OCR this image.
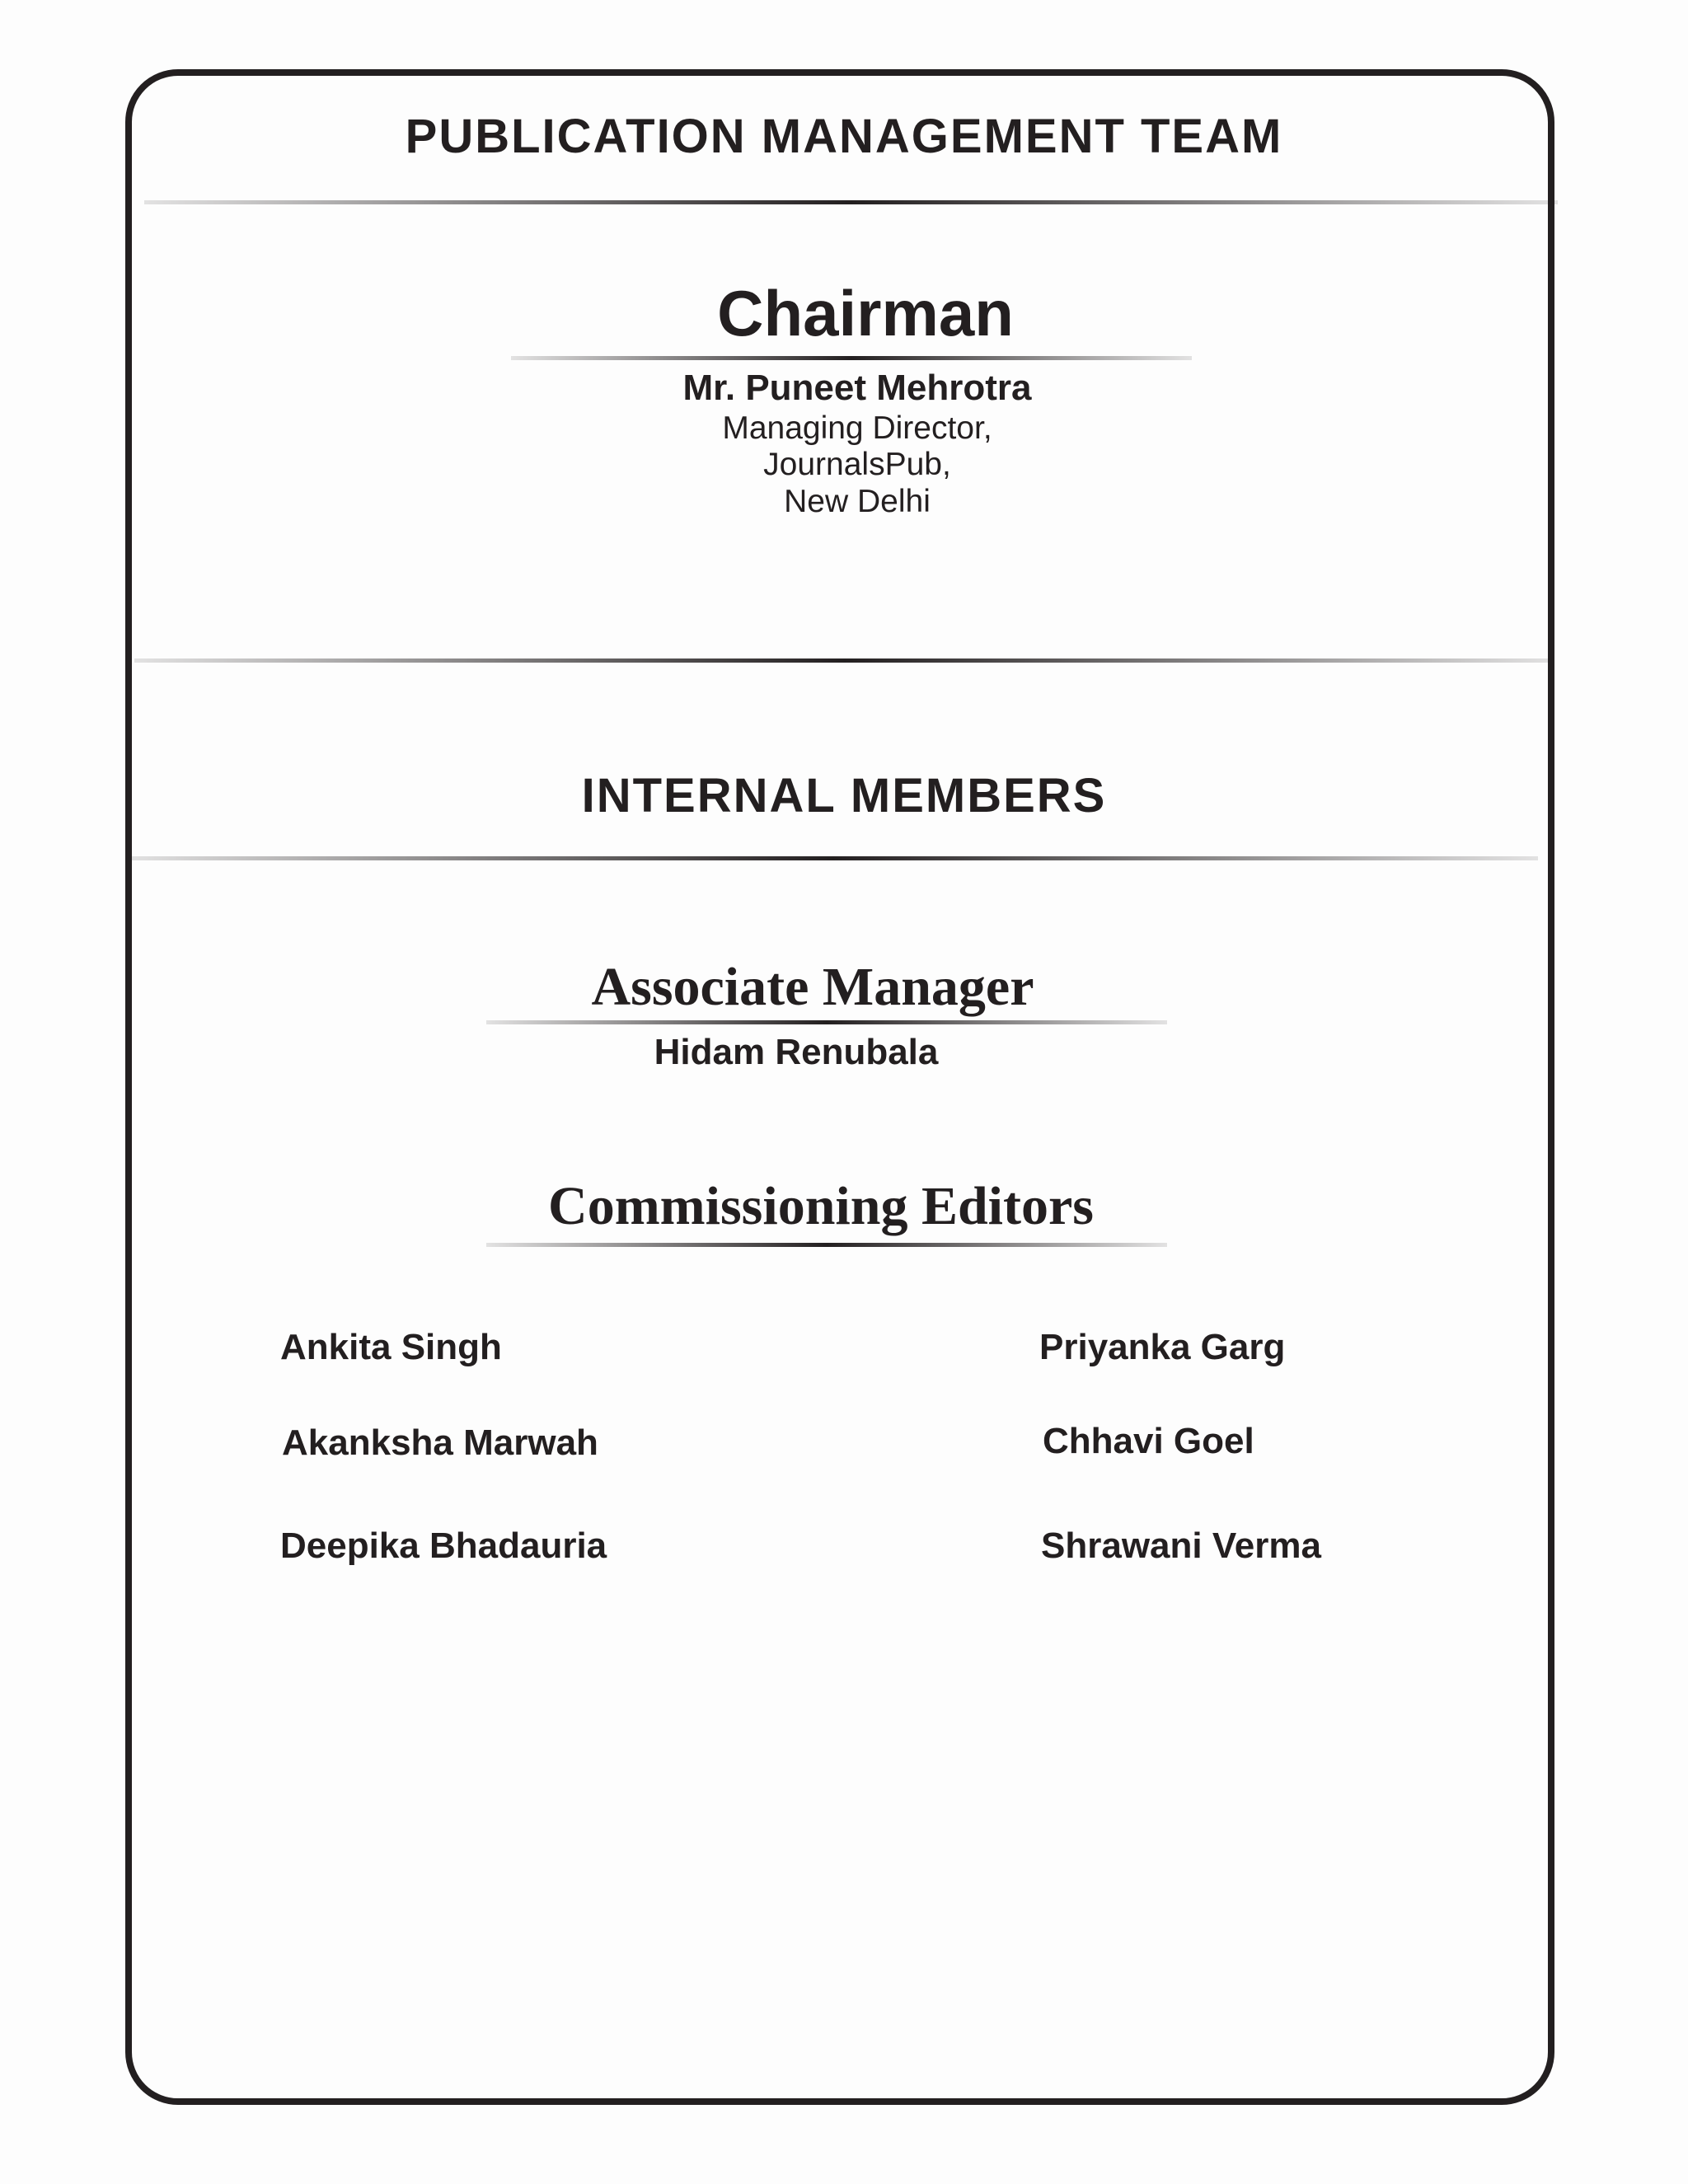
PUBLICATION MANAGEMENT TEAM
Chairman
Mr. Puneet Mehrotra
Managing Director,
JournalsPub,
New Delhi
INTERNAL MEMBERS
Associate Manager
Hidam Renubala
Commissioning Editors
Ankita Singh	Priyanka Garg
Akanksha Marwah	Chhavi Goel
Deepika Bhadauria	Shrawani Verma
